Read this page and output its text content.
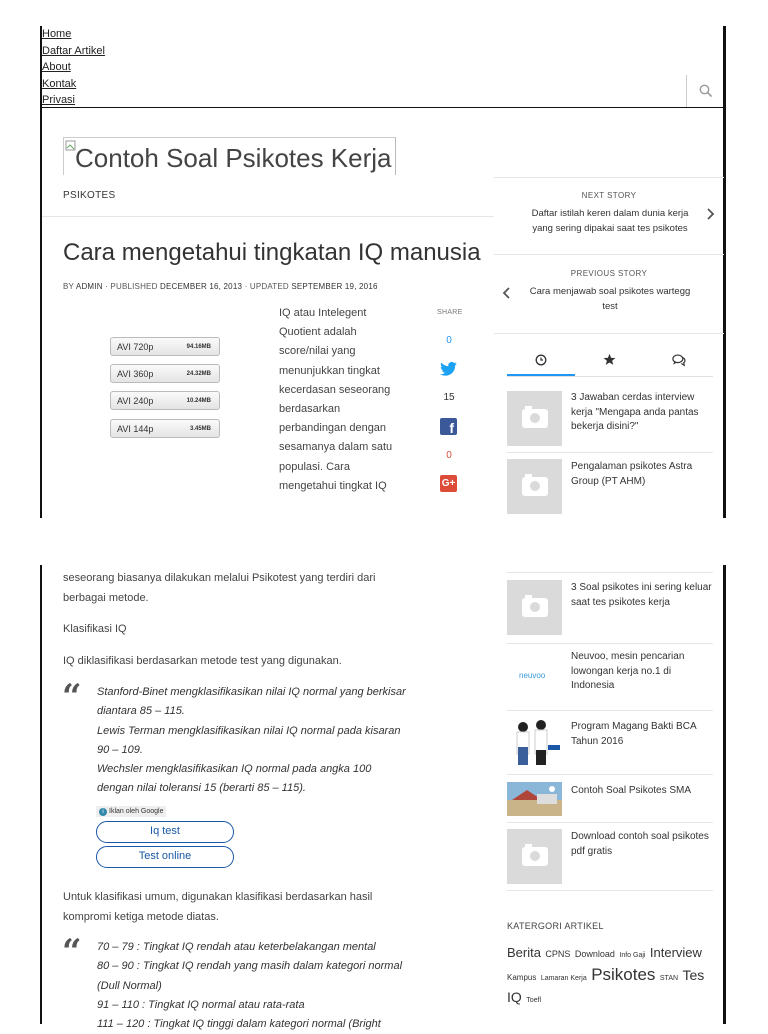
Home
Daftar Artikel
About
Kontak
Privasi
Contoh Soal Psikotes Kerja
PSIKOTES
Cara mengetahui tingkatan IQ manusia
BY ADMIN · PUBLISHED DECEMBER 16, 2013 · UPDATED SEPTEMBER 19, 2016
AVI 720p	94.16MB
AVI 360p	24.32MB
AVI 240p	10.24MB
AVI 144p	3.45MB
IQ atau Intelegent
Quotient adalah
score/nilai yang
menunjukkan tingkat
kecerdasan seseorang
berdasarkan
perbandingan dengan
sesamanya dalam satu
populasi. Cara
mengetahui tingkat IQ
SHARE
0
15
f
0
G+
NEXT STORY
Daftar istilah keren dalam dunia kerja
yang sering dipakai saat tes psikotes
PREVIOUS STORY
Cara menjawab soal psikotes wartegg
test
3 Jawaban cerdas interview
kerja "Mengapa anda pantas
bekerja disini?"
Pengalaman psikotes Astra
Group (PT AHM)
seseorang biasanya dilakukan melalui Psikotest yang terdiri dari
berbagai metode.
Klasifikasi IQ
IQ diklasifikasi berdasarkan metode test yang digunakan.
“ Stanford-Binet mengklasifikasikan nilai IQ normal yang berkisar
diantara 85 – 115.
Lewis Terman mengklasifikasikan nilai IQ normal pada kisaran
90 – 109.
Wechsler mengklasifikasikan IQ normal pada angka 100
dengan nilai toleransi 15 (berarti 85 – 115).
i Iklan oleh Google
Iq test
Test online
Untuk klasifikasi umum, digunakan klasifikasi berdasarkan hasil
kompromi ketiga metode diatas.
“ 70 – 79 : Tingkat IQ rendah atau keterbelakangan mental
80 – 90 : Tingkat IQ rendah yang masih dalam kategori normal
(Dull Normal)
91 – 110 : Tingkat IQ normal atau rata-rata
111 – 120 : Tingkat IQ tinggi dalam kategori normal (Bright
3 Soal psikotes ini sering keluar
saat tes psikotes kerja
neuvoo
Neuvoo, mesin pencarian
lowongan kerja no.1 di Indonesia
Program Magang Bakti BCA
Tahun 2016
Contoh Soal Psikotes SMA
Download contoh soal psikotes
pdf gratis
KATERGORI ARTIKEL
Berita CPNS Download Info Gaji Interview Kampus Lamaran Kerja Psikotes STAN Tes IQ Toefl
